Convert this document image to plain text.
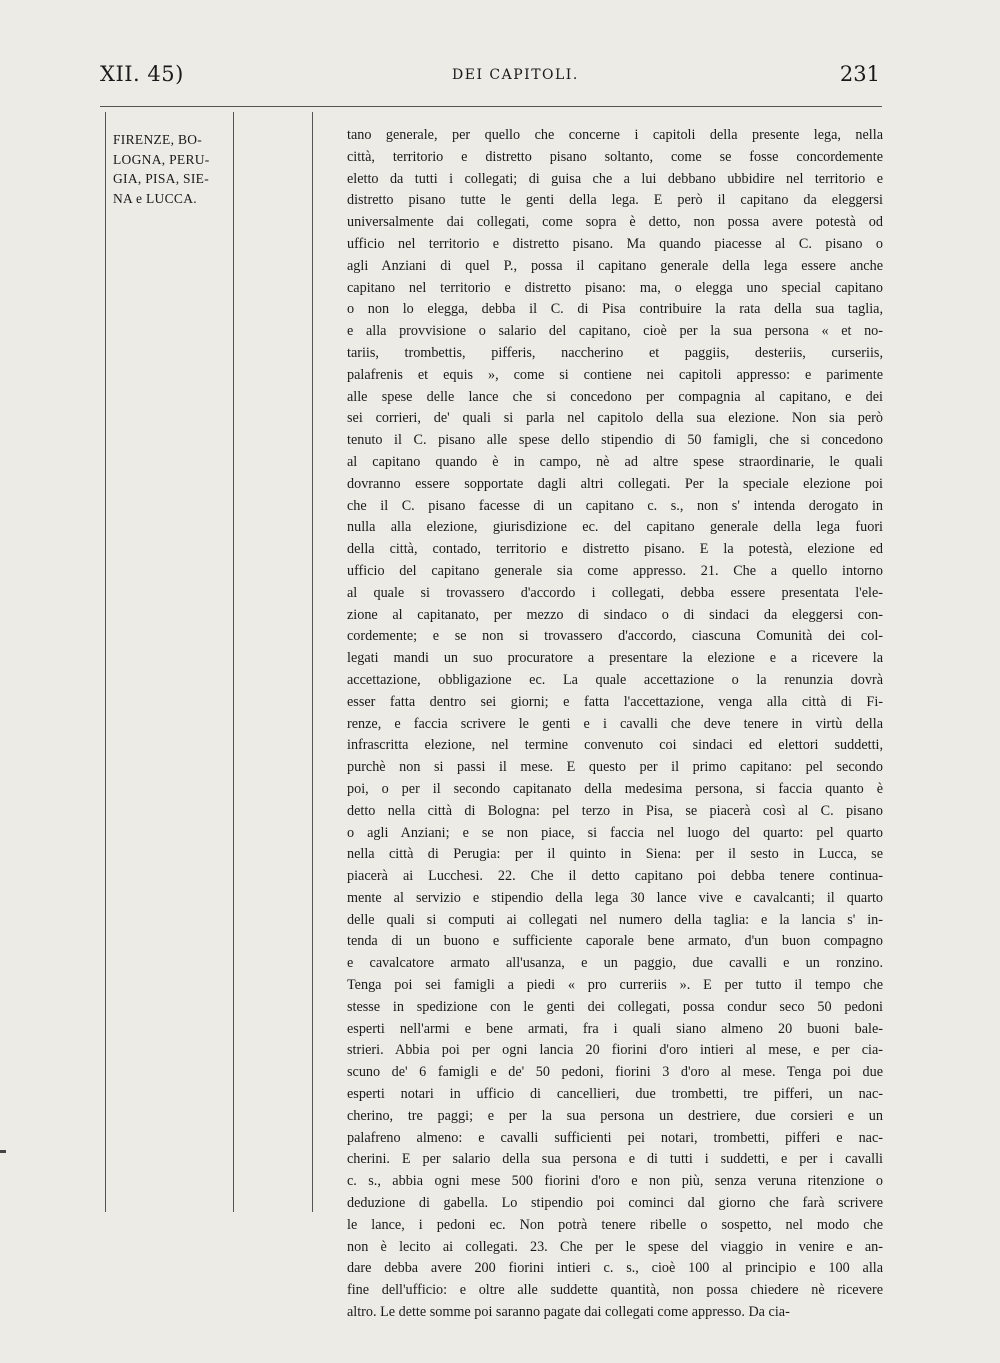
XII. 45)	DEI CAPITOLI.	231
FIRENZE, BO-
LOGNA, PERU-
GIA, PISA, SIE-
NA e LUCCA.
tano generale, per quello che concerne i capitoli della presente lega, nella
città, territorio e distretto pisano soltanto, come se fosse concordemente
eletto da tutti i collegati; di guisa che a lui debbano ubbidire nel territorio e
distretto pisano tutte le genti della lega. E però il capitano da eleggersi
universalmente dai collegati, come sopra è detto, non possa avere potestà od
ufficio nel territorio e distretto pisano. Ma quando piacesse al C. pisano o
agli Anziani di quel P., possa il capitano generale della lega essere anche
capitano nel territorio e distretto pisano: ma, o elegga uno special capitano
o non lo elegga, debba il C. di Pisa contribuire la rata della sua taglia,
e alla provvisione o salario del capitano, cioè per la sua persona « et no-
tariis, trombettis, pifferis, naccherino et paggiis, desteriis, curseriis,
palafrenis et equis », come si contiene nei capitoli appresso: e parimente
alle spese delle lance che si concedono per compagnia al capitano, e dei
sei corrieri, de' quali si parla nel capitolo della sua elezione. Non sia però
tenuto il C. pisano alle spese dello stipendio di 50 famigli, che si concedono
al capitano quando è in campo, nè ad altre spese straordinarie, le quali
dovranno essere sopportate dagli altri collegati. Per la speciale elezione poi
che il C. pisano facesse di un capitano c. s., non s' intenda derogato in
nulla alla elezione, giurisdizione ec. del capitano generale della lega fuori
della città, contado, territorio e distretto pisano. E la potestà, elezione ed
ufficio del capitano generale sia come appresso. 21. Che a quello intorno
al quale si trovassero d'accordo i collegati, debba essere presentata l'ele-
zione al capitanato, per mezzo di sindaco o di sindaci da eleggersi con-
cordemente; e se non si trovassero d'accordo, ciascuna Comunità dei col-
legati mandi un suo procuratore a presentare la elezione e a ricevere la
accettazione, obbligazione ec. La quale accettazione o la renunzia dovrà
esser fatta dentro sei giorni; e fatta l'accettazione, venga alla città di Fi-
renze, e faccia scrivere le genti e i cavalli che deve tenere in virtù della
infrascritta elezione, nel termine convenuto coi sindaci ed elettori suddetti,
purchè non si passi il mese. E questo per il primo capitano: pel secondo
poi, o per il secondo capitanato della medesima persona, si faccia quanto è
detto nella città di Bologna: pel terzo in Pisa, se piacerà così al C. pisano
o agli Anziani; e se non piace, si faccia nel luogo del quarto: pel quarto
nella città di Perugia: per il quinto in Siena: per il sesto in Lucca, se
piacerà ai Lucchesi. 22. Che il detto capitano poi debba tenere continua-
mente al servizio e stipendio della lega 30 lance vive e cavalcanti; il quarto
delle quali si computi ai collegati nel numero della taglia: e la lancia s' in-
tenda di un buono e sufficiente caporale bene armato, d'un buon compagno
e cavalcatore armato all'usanza, e un paggio, due cavalli e un ronzino.
Tenga poi sei famigli a piedi « pro curreriis ». E per tutto il tempo che
stesse in spedizione con le genti dei collegati, possa condur seco 50 pedoni
esperti nell'armi e bene armati, fra i quali siano almeno 20 buoni bale-
strieri. Abbia poi per ogni lancia 20 fiorini d'oro intieri al mese, e per cia-
scuno de' 6 famigli e de' 50 pedoni, fiorini 3 d'oro al mese. Tenga poi due
esperti notari in ufficio di cancellieri, due trombetti, tre pifferi, un nac-
cherino, tre paggi; e per la sua persona un destriere, due corsieri e un
palafreno almeno: e cavalli sufficienti pei notari, trombetti, pifferi e nac-
cherini. E per salario della sua persona e di tutti i suddetti, e per i cavalli
c. s., abbia ogni mese 500 fiorini d'oro e non più, senza veruna ritenzione o
deduzione di gabella. Lo stipendio poi cominci dal giorno che farà scrivere
le lance, i pedoni ec. Non potrà tenere ribelle o sospetto, nel modo che
non è lecito ai collegati. 23. Che per le spese del viaggio in venire e an-
dare debba avere 200 fiorini intieri c. s., cioè 100 al principio e 100 alla
fine dell'ufficio: e oltre alle suddette quantità, non possa chiedere nè ricevere
altro. Le dette somme poi saranno pagate dai collegati come appresso. Da cia-
